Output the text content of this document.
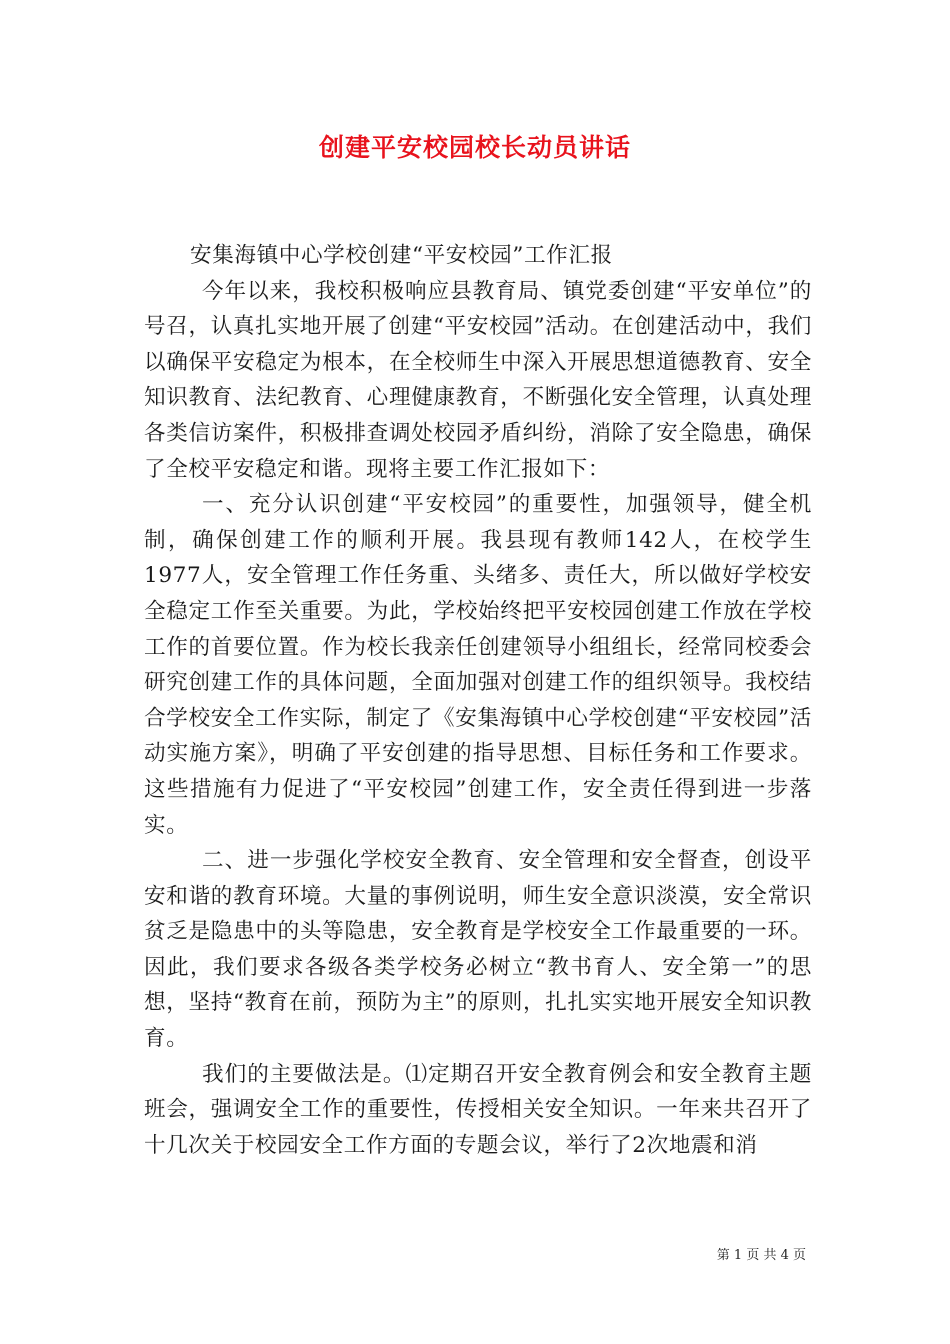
创建平安校园校长动员讲话

安集海镇中心学校创建“平安校园”工作汇报

今年以来，我校积极响应县教育局、镇党委创建“平安单位”的号召，认真扎实地开展了创建“平安校园”活动。在创建活动中，我们以确保平安稳定为根本，在全校师生中深入开展思想道德教育、安全知识教育、法纪教育、心理健康教育，不断强化安全管理，认真处理各类信访案件，积极排查调处校园矛盾纠纷，消除了安全隐患，确保了全校平安稳定和谐。现将主要工作汇报如下：

一、充分认识创建“平安校园”的重要性，加强领导，健全机制，确保创建工作的顺利开展。我县现有教师142人，在校学生1977人，安全管理工作任务重、头绪多、责任大，所以做好学校安全稳定工作至关重要。为此，学校始终把平安校园创建工作放在学校工作的首要位置。作为校长我亲任创建领导小组组长，经常同校委会研究创建工作的具体问题，全面加强对创建工作的组织领导。我校结合学校安全工作实际，制定了《安集海镇中心学校创建“平安校园”活动实施方案》，明确了平安创建的指导思想、目标任务和工作要求。这些措施有力促进了“平安校园”创建工作，安全责任得到进一步落实。

二、进一步强化学校安全教育、安全管理和安全督查，创设平安和谐的教育环境。大量的事例说明，师生安全意识淡漠，安全常识贫乏是隐患中的头等隐患，安全教育是学校安全工作最重要的一环。因此，我们要求各级各类学校务必树立“教书育人、安全第一”的思想，坚持“教育在前，预防为主”的原则，扎扎实实地开展安全知识教育。

我们的主要做法是。⑴定期召开安全教育例会和安全教育主题班会，强调安全工作的重要性，传授相关安全知识。一年来共召开了十几次关于校园安全工作方面的专题会议，举行了2次地震和消

第 1 页 共 4 页
